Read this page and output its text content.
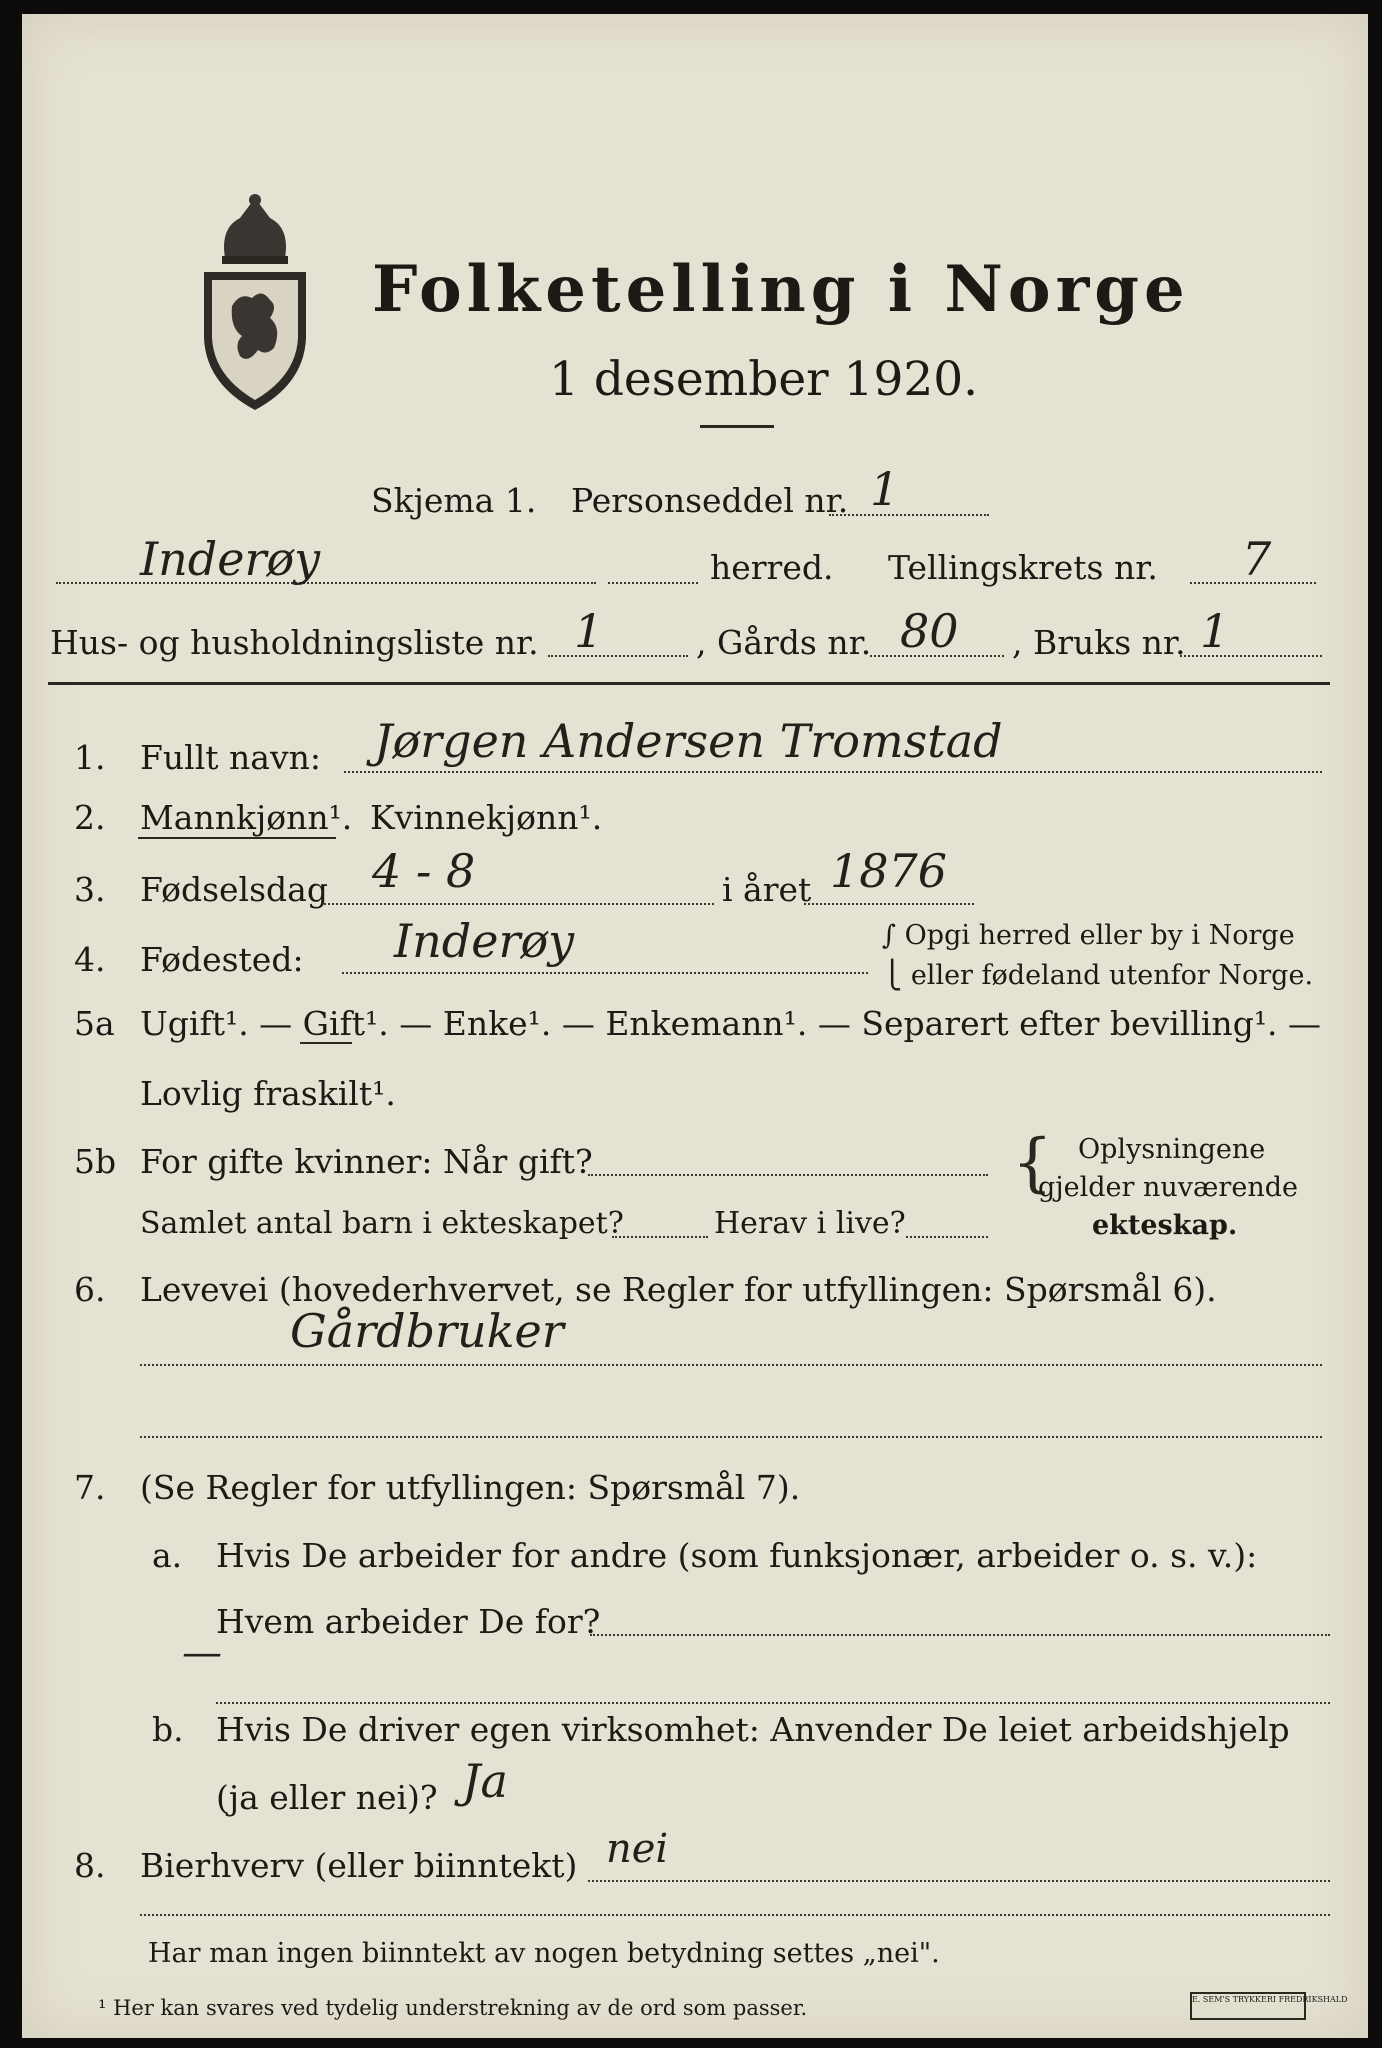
Folketelling i Norge
1 desember 1920.
Skjema 1. Personseddel nr. 1
Inderøy	herred. Tellingskrets nr. 7
Hus- og husholdningsliste nr. 1	, Gårds nr. 80 , Bruks nr. 1
1. Fullt navn: Jørgen Andersen Tromstad
2. Mannkjønn¹. Kvinnekjønn¹.
3. Fødselsdag 4 - 8	i året 1876
4. Fødested: Inderøy	∫ Opgi herred eller by i Norge
⎩ eller fødeland utenfor Norge.
5a Ugift¹. — Gift¹. — Enke¹. — Enkemann¹. — Separert efter bevilling¹. —
Lovlig fraskilt¹.
5b For gifte kvinner: Når gift?
Samlet antal barn i ekteskapet?	Herav i live?
{ Oplysningene
gjelder nuværende
ekteskap.
6. Levevei (hovederhvervet, se Regler for utfyllingen: Spørsmål 6).
Gårdbruker
7. (Se Regler for utfyllingen: Spørsmål 7).
a. Hvis De arbeider for andre (som funksjonær, arbeider o. s. v.):
Hvem arbeider De for?
—
b. Hvis De driver egen virksomhet: Anvender De leiet arbeidshjelp
(ja eller nei)? Ja
8. Bierhverv (eller biinntekt) nei
Har man ingen biinntekt av nogen betydning settes „nei".
¹ Her kan svares ved tydelig understrekning av de ord som passer.	E. SEM'S TRYKKERI FREDRIKSHALD
